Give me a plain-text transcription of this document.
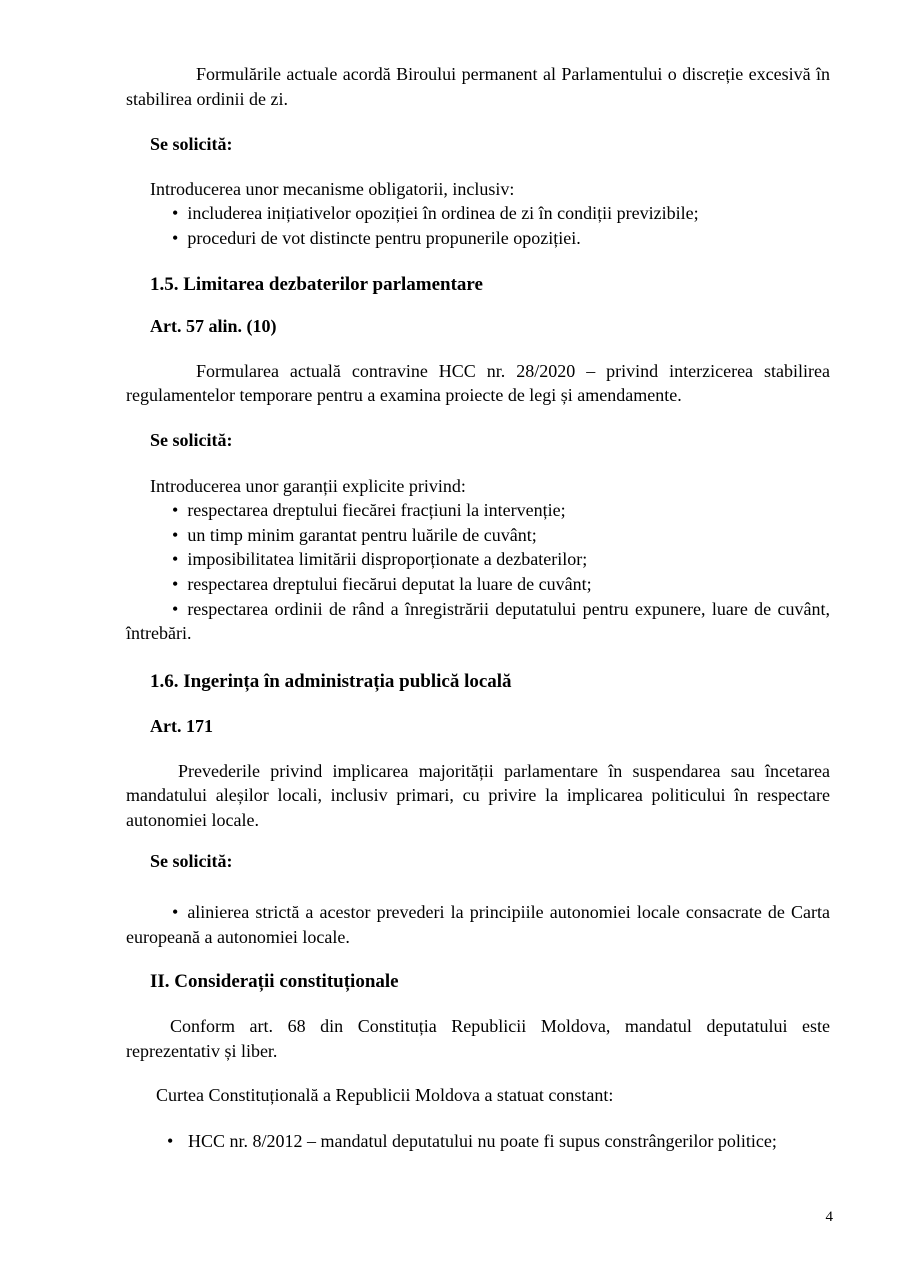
Formulările actuale acordă Biroului permanent al Parlamentului o discreție excesivă în stabilirea ordinii de zi.

Se solicită:

Introducerea unor mecanisme obligatorii, inclusiv:

• includerea inițiativelor opoziției în ordinea de zi în condiții previzibile;

• proceduri de vot distincte pentru propunerile opoziției.

1.5. Limitarea dezbaterilor parlamentare

Art. 57 alin. (10)

Formularea actuală contravine HCC nr. 28/2020 – privind interzicerea stabilirea regulamentelor temporare pentru a examina proiecte de legi și amendamente.

Se solicită:

Introducerea unor garanții explicite privind:

• respectarea dreptului fiecărei fracțiuni la intervenție;

• un timp minim garantat pentru luările de cuvânt;

• imposibilitatea limitării disproporționate a dezbaterilor;

• respectarea dreptului fiecărui deputat la luare de cuvânt;

• respectarea ordinii de rând a înregistrării deputatului pentru expunere, luare de cuvânt, întrebări.

1.6. Ingerința în administrația publică locală

Art. 171

Prevederile privind implicarea majorității parlamentare în suspendarea sau încetarea mandatului aleșilor locali, inclusiv primari, cu privire la implicarea politicului în respectare autonomiei locale.

Se solicită:

• alinierea strictă a acestor prevederi la principiile autonomiei locale consacrate de Carta europeană a autonomiei locale.

II. Considerații constituționale

Conform art. 68 din Constituția Republicii Moldova, mandatul deputatului este reprezentativ și liber.

Curtea Constituțională a Republicii Moldova a statuat constant:

• HCC nr. 8/2012 – mandatul deputatului nu poate fi supus constrângerilor politice;

4
